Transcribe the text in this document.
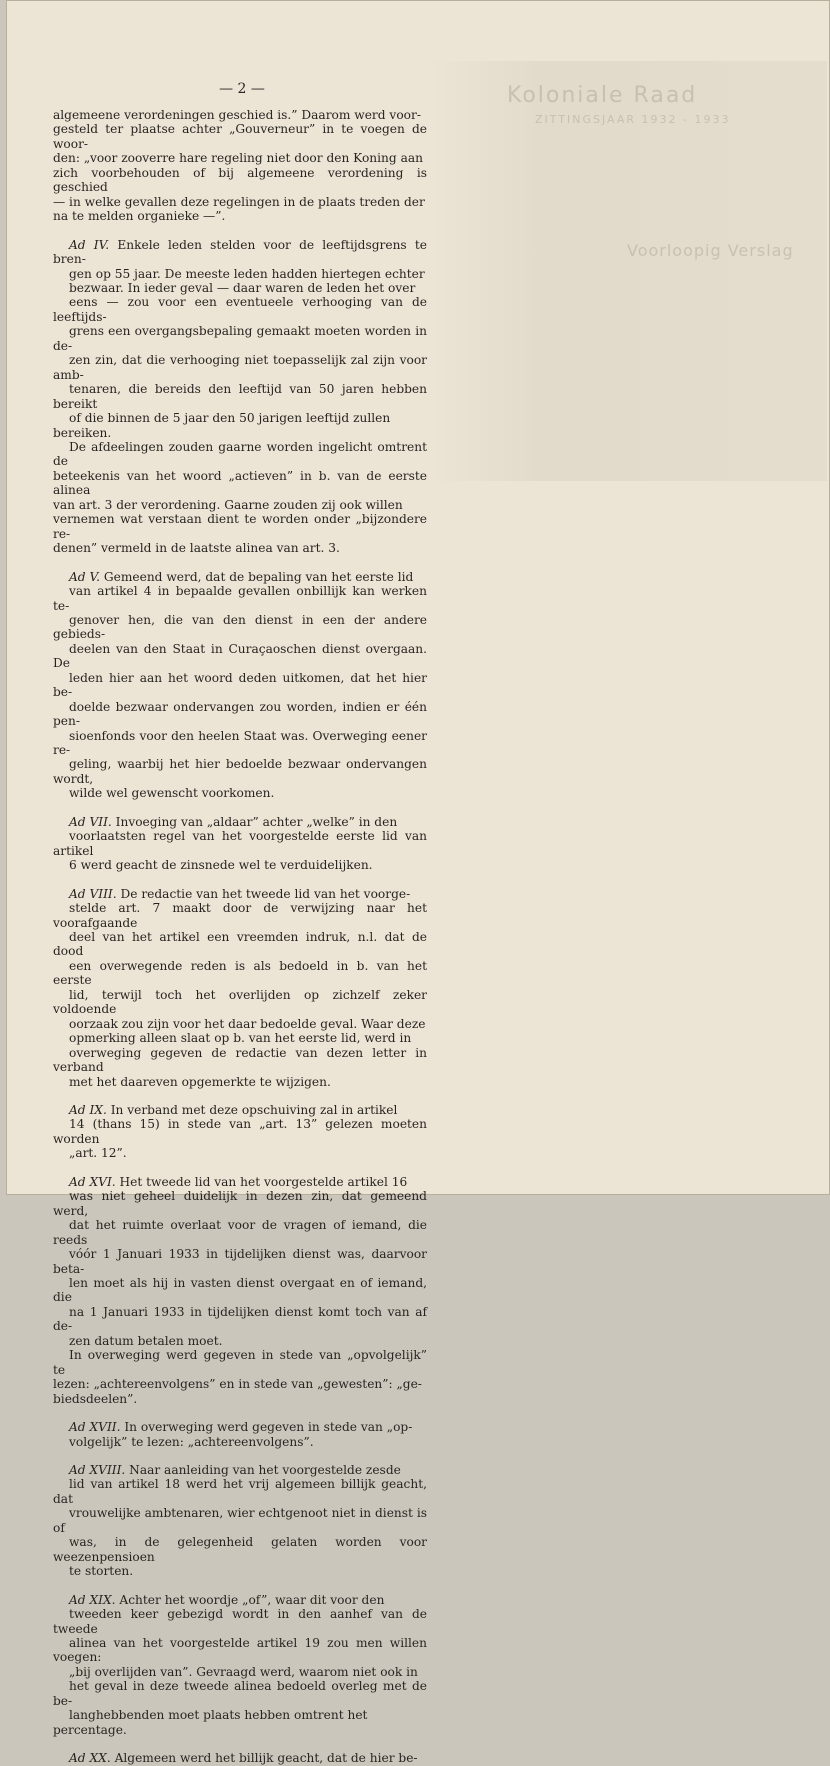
Koloniale Raad
ZITTINGSJAAR 1932 - 1933
Voorloopig Verslag
— 2 —

algemeene verordeningen geschied is.” Daarom werd voor-
gesteld ter plaatse achter „Gouverneur” in te voegen de woor-
den: „voor zooverre hare regeling niet door den Koning aan
zich voorbehouden of bij algemeene verordening is geschied
— in welke gevallen deze regelingen in de plaats treden der
na te melden organieke —”.

Ad IV. Enkele leden stelden voor de leeftijdsgrens te bren-
gen op 55 jaar. De meeste leden hadden hiertegen echter
bezwaar. In ieder geval — daar waren de leden het over
eens — zou voor een eventueele verhooging van de leeftijds-
grens een overgangsbepaling gemaakt moeten worden in de-
zen zin, dat die verhooging niet toepasselijk zal zijn voor amb-
tenaren, die bereids den leeftijd van 50 jaren hebben bereikt
of die binnen de 5 jaar den 50 jarigen leeftijd zullen bereiken.

De afdeelingen zouden gaarne worden ingelicht omtrent de
beteekenis van het woord „actieven” in b. van de eerste alinea
van art. 3 der verordening. Gaarne zouden zij ook willen
vernemen wat verstaan dient te worden onder „bijzondere re-
denen” vermeld in de laatste alinea van art. 3.

Ad V. Gemeend werd, dat de bepaling van het eerste lid
van artikel 4 in bepaalde gevallen onbillijk kan werken te-
genover hen, die van den dienst in een der andere gebieds-
deelen van den Staat in Curaçaoschen dienst overgaan. De
leden hier aan het woord deden uitkomen, dat het hier be-
doelde bezwaar ondervangen zou worden, indien er één pen-
sioenfonds voor den heelen Staat was. Overweging eener re-
geling, waarbij het hier bedoelde bezwaar ondervangen wordt,
wilde wel gewenscht voorkomen.

Ad VII. Invoeging van „aldaar” achter „welke” in den
voorlaatsten regel van het voorgestelde eerste lid van artikel
6 werd geacht de zinsnede wel te verduidelijken.

Ad VIII. De redactie van het tweede lid van het voorge-
stelde art. 7 maakt door de verwijzing naar het voorafgaande
deel van het artikel een vreemden indruk, n.l. dat de dood
een overwegende reden is als bedoeld in b. van het eerste
lid, terwijl toch het overlijden op zichzelf zeker voldoende
oorzaak zou zijn voor het daar bedoelde geval. Waar deze
opmerking alleen slaat op b. van het eerste lid, werd in
overweging gegeven de redactie van dezen letter in verband
met het daareven opgemerkte te wijzigen.

Ad IX. In verband met deze opschuiving zal in artikel
14 (thans 15) in stede van „art. 13” gelezen moeten worden
„art. 12”.

Ad XVI. Het tweede lid van het voorgestelde artikel 16
was niet geheel duidelijk in dezen zin, dat gemeend werd,
dat het ruimte overlaat voor de vragen of iemand, die reeds
vóór 1 Januari 1933 in tijdelijken dienst was, daarvoor beta-
len moet als hij in vasten dienst overgaat en of iemand, die
na 1 Januari 1933 in tijdelijken dienst komt toch van af de-
zen datum betalen moet.

In overweging werd gegeven in stede van „opvolgelijk” te
lezen: „achtereenvolgens” en in stede van „gewesten”: „ge-
biedsdeelen”.

Ad XVII. In overweging werd gegeven in stede van „op-
volgelijk” te lezen: „achtereenvolgens”.

Ad XVIII. Naar aanleiding van het voorgestelde zesde
lid van artikel 18 werd het vrij algemeen billijk geacht, dat
vrouwelijke ambtenaren, wier echtgenoot niet in dienst is of
was, in de gelegenheid gelaten worden voor weezenpensioen
te storten.

Ad XIX. Achter het woordje „of”, waar dit voor den
tweeden keer gebezigd wordt in den aanhef van de tweede
alinea van het voorgestelde artikel 19 zou men willen voegen:
„bij overlijden van”. Gevraagd werd, waarom niet ook in
het geval in deze tweede alinea bedoeld overleg met de be-
langhebbenden moet plaats hebben omtrent het percentage.

Ad XX. Algemeen werd het billijk geacht, dat de hier be-
